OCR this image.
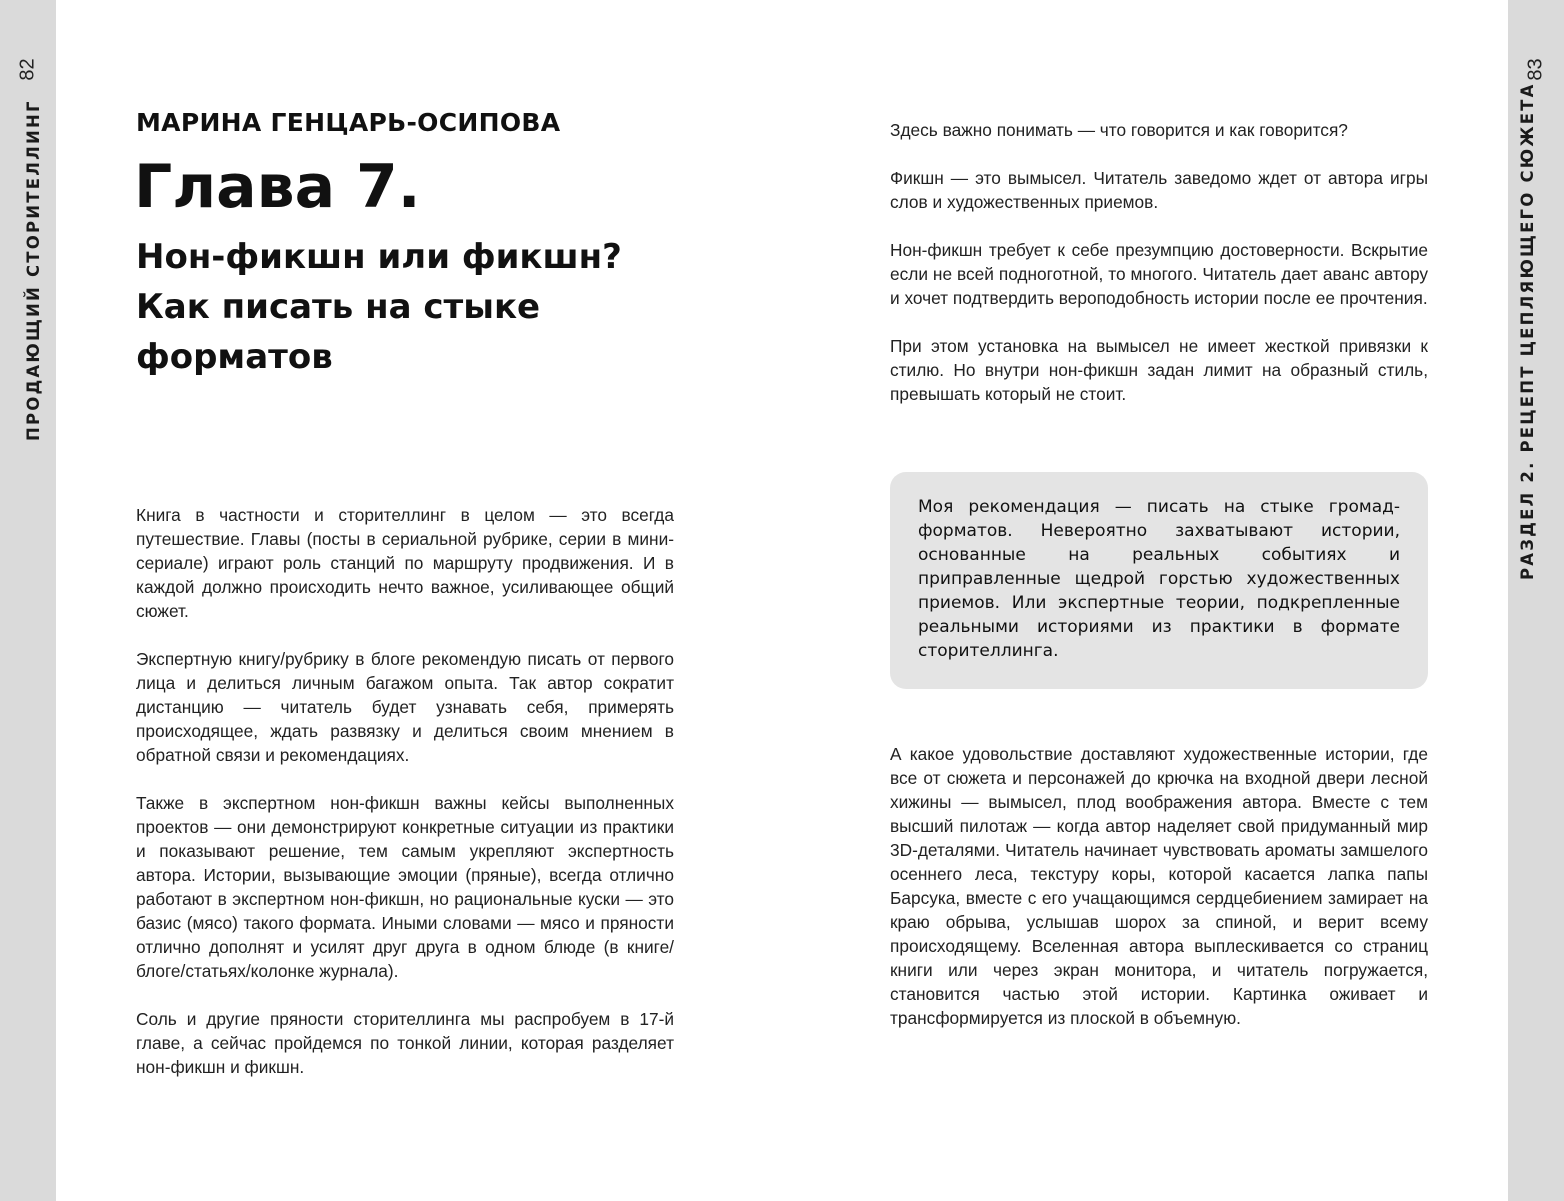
82
ПРОДАЮЩИЙ СТОРИТЕЛЛИНГ
83
РАЗДЕЛ 2. РЕЦЕПТ ЦЕПЛЯЮЩЕГО СЮЖЕТА
МАРИНА ГЕНЦАРЬ-ОСИПОВА
Глава 7.
Нон-фикшн или фикшн? Как писать на стыке форматов

Книга в частности и сторителлинг в целом — это всегда путешествие. Главы (посты в сериальной рубрике, серии в мини-сериале) играют роль станций по маршруту продвижения. И в каждой должно происходить нечто важное, усиливающее общий сюжет.

Экспертную книгу/рубрику в блоге рекомендую писать от первого лица и делиться личным багажом опыта. Так автор сократит дистанцию — читатель будет узнавать себя, примерять происходящее, ждать развязку и делиться своим мнением в обратной связи и рекомендациях.

Также в экспертном нон-фикшн важны кейсы выполненных проектов — они демонстрируют конкретные ситуации из практики и показывают решение, тем самым укрепляют экспертность автора. Истории, вызывающие эмоции (пряные), всегда отлично работают в экспертном нон-фикшн, но рациональные куски — это базис (мясо) такого формата. Иными словами — мясо и пряности отлично дополнят и усилят друг друга в одном блюде (в книге/блоге/статьях/колонке журнала).

Соль и другие пряности сторителлинга мы распробуем в 17-й главе, а сейчас пройдемся по тонкой линии, которая разделяет нон-фикшн и фикшн.

Здесь важно понимать — что говорится и как говорится?

Фикшн — это вымысел. Читатель заведомо ждет от автора игры слов и художественных приемов.

Нон-фикшн требует к себе презумпцию достоверности. Вскрытие если не всей подноготной, то многого. Читатель дает аванс автору и хочет подтвердить вероподобность истории после ее прочтения.

При этом установка на вымысел не имеет жесткой привязки к стилю. Но внутри нон-фикшн задан лимит на образный стиль, превышать который не стоит.

Моя рекомендация — писать на стыке громад-форматов. Невероятно захватывают истории, основанные на реальных событиях и приправленные щедрой горстью художественных приемов. Или экспертные теории, подкрепленные реальными историями из практики в формате сторителлинга.

А какое удовольствие доставляют художественные истории, где все от сюжета и персонажей до крючка на входной двери лесной хижины — вымысел, плод воображения автора. Вместе с тем высший пилотаж — когда автор наделяет свой придуманный мир 3D-деталями. Читатель начинает чувствовать ароматы замшелого осеннего леса, текстуру коры, которой касается лапка папы Барсука, вместе с его учащающимся сердцебиением замирает на краю обрыва, услышав шорох за спиной, и верит всему происходящему. Вселенная автора выплескивается со страниц книги или через экран монитора, и читатель погружается, становится частью этой истории. Картинка оживает и трансформируется из плоской в объемную.
